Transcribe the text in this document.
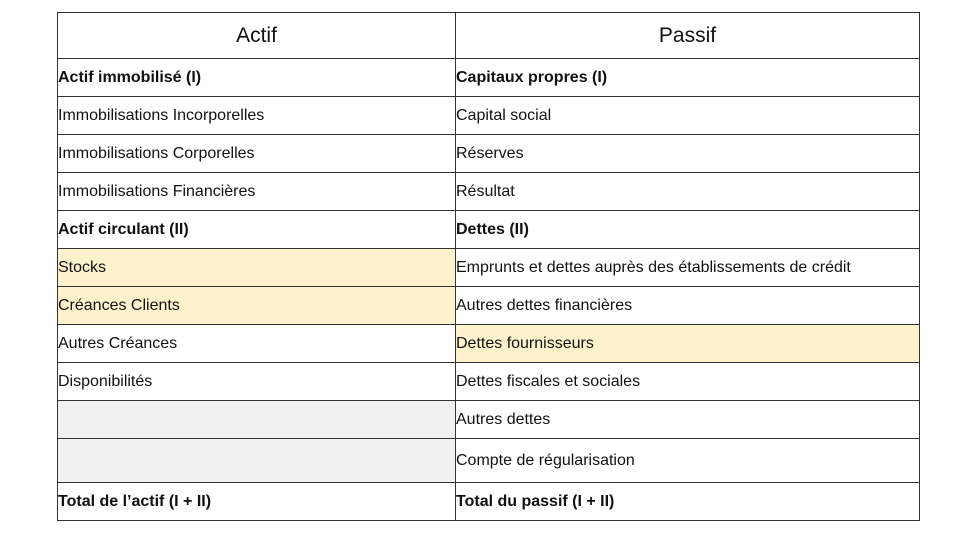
Actif	Passif
Actif immobilisé (I)	Capitaux propres (I)
Immobilisations Incorporelles	Capital social
Immobilisations Corporelles	Réserves
Immobilisations Financières	Résultat
Actif circulant (II)	Dettes (II)
Stocks	Emprunts et dettes auprès des établissements de crédit
Créances Clients	Autres dettes financières
Autres Créances	Dettes fournisseurs
Disponibilités	Dettes fiscales et sociales
	Autres dettes
	Compte de régularisation
Total de l’actif (I + II)	Total du passif (I + II)
